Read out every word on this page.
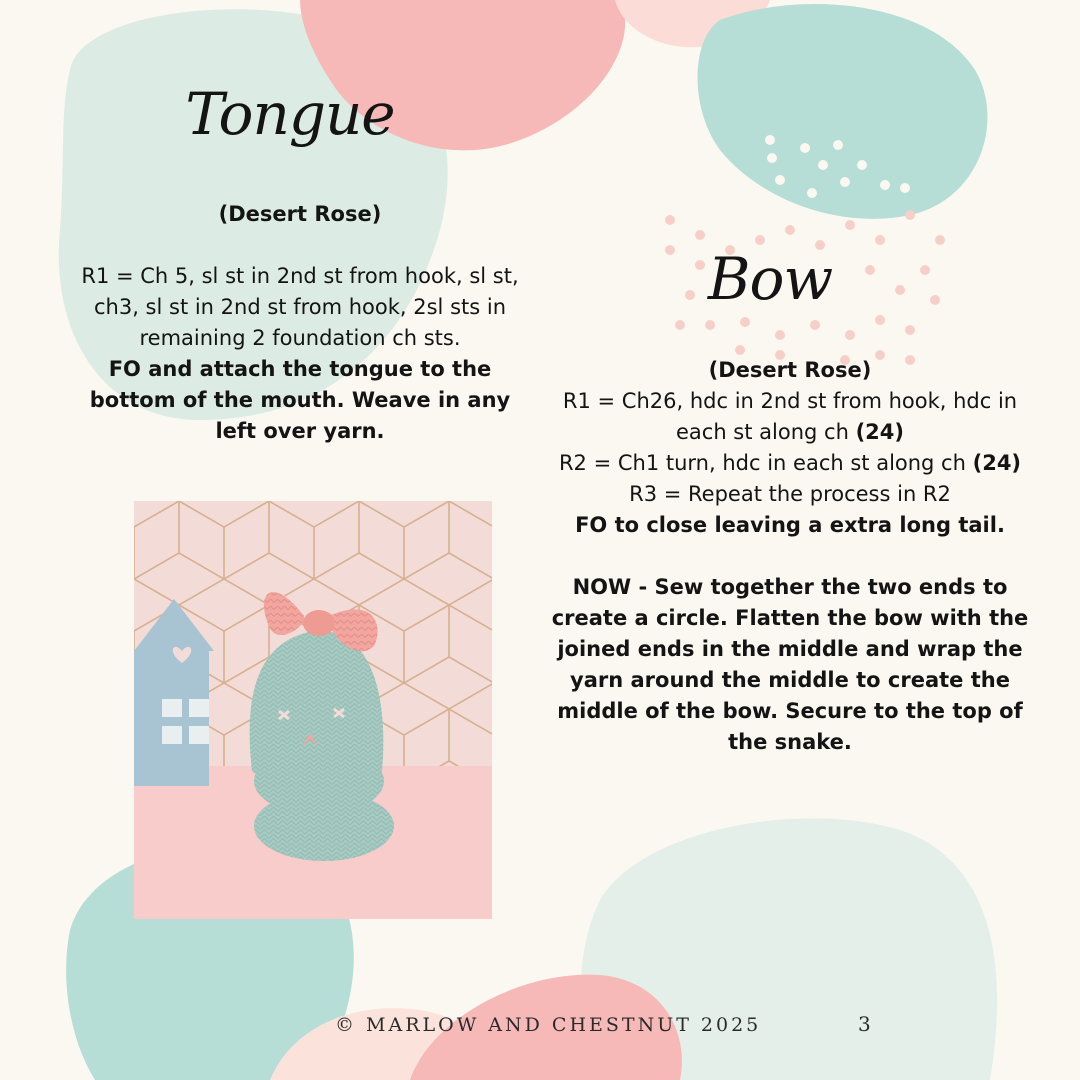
Tongue

(Desert Rose)

R1 = Ch 5, sl st in 2nd st from hook, sl st, ch3, sl st in 2nd st from hook, 2sl sts in remaining 2 foundation ch sts.

FO and attach the tongue to the bottom of the mouth. Weave in any left over yarn.

Bow

(Desert Rose)

R1 = Ch26, hdc in 2nd st from hook, hdc in each st along ch (24)

R2 = Ch1 turn, hdc in each st along ch (24)

R3 = Repeat the process in R2

FO to close leaving a extra long tail.

NOW - Sew together the two ends to create a circle. Flatten the bow with the joined ends in the middle and wrap the yarn around the middle to create the middle of the bow. Secure to the top of the snake.

© MARLOW AND CHESTNUT 2025	3
